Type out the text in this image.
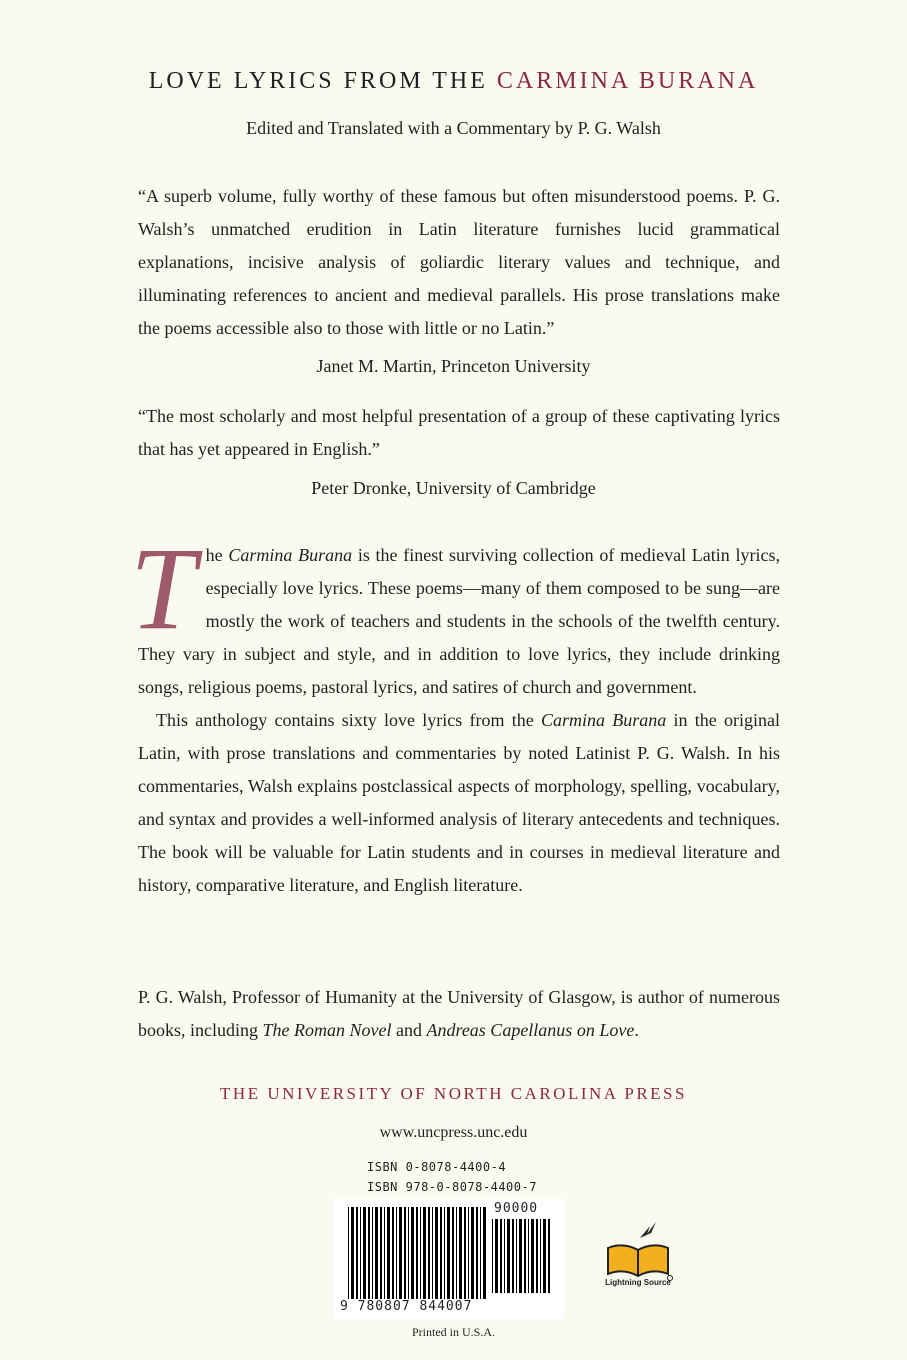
LOVE LYRICS FROM THE CARMINA BURANA
Edited and Translated with a Commentary by P. G. Walsh
“A superb volume, fully worthy of these famous but often misunderstood poems. P. G. Walsh’s unmatched erudition in Latin literature furnishes lucid grammatical explanations, incisive analysis of goliardic literary values and technique, and illuminating references to ancient and medieval parallels. His prose translations make the poems accessible also to those with little or no Latin.”
Janet M. Martin, Princeton University
“The most scholarly and most helpful presentation of a group of these captivating lyrics that has yet appeared in English.”
Peter Dronke, University of Cambridge

The Carmina Burana is the finest surviving collection of medieval Latin lyrics, especially love lyrics. These poems—many of them composed to be sung—are mostly the work of teachers and students in the schools of the twelfth century. They vary in subject and style, and in addition to love lyrics, they include drinking songs, religious poems, pastoral lyrics, and satires of church and government.

This anthology contains sixty love lyrics from the Carmina Burana in the original Latin, with prose translations and commentaries by noted Latinist P. G. Walsh. In his commentaries, Walsh explains postclassical aspects of morphology, spelling, vocabulary, and syntax and provides a well-informed analysis of literary antecedents and techniques. The book will be valuable for Latin students and in courses in medieval literature and history, comparative literature, and English literature.

P. G. Walsh, Professor of Humanity at the University of Glasgow, is author of numerous books, including The Roman Novel and Andreas Capellanus on Love.

THE UNIVERSITY OF NORTH CAROLINA PRESS
www.uncpress.unc.edu
ISBN 0-8078-4400-4
ISBN 978-0-8078-4400-7
9 780807 844007
90000
Lightning Source
Printed in U.S.A.
